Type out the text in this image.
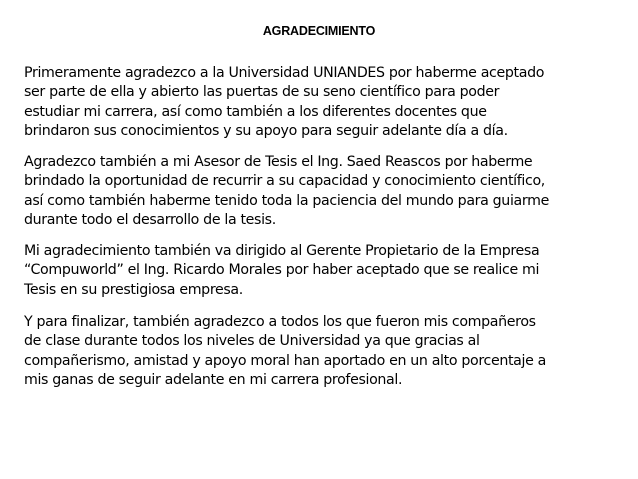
AGRADECIMIENTO

Primeramente agradezco a la Universidad UNIANDES por haberme aceptado
ser parte de ella y abierto las puertas de su seno científico para poder
estudiar mi carrera, así como también a los diferentes docentes que
brindaron sus conocimientos y su apoyo para seguir adelante día a día.

Agradezco también a mi Asesor de Tesis el Ing. Saed Reascos por haberme
brindado la oportunidad de recurrir a su capacidad y conocimiento científico,
así como también haberme tenido toda la paciencia del mundo para guiarme
durante todo el desarrollo de la tesis.

Mi agradecimiento también va dirigido al Gerente Propietario de la Empresa
“Compuworld” el Ing. Ricardo Morales por haber aceptado que se realice mi
Tesis en su prestigiosa empresa.

Y para finalizar, también agradezco a todos los que fueron mis compañeros
de clase durante todos los niveles de Universidad ya que gracias al
compañerismo, amistad y apoyo moral han aportado en un alto porcentaje a
mis ganas de seguir adelante en mi carrera profesional.
